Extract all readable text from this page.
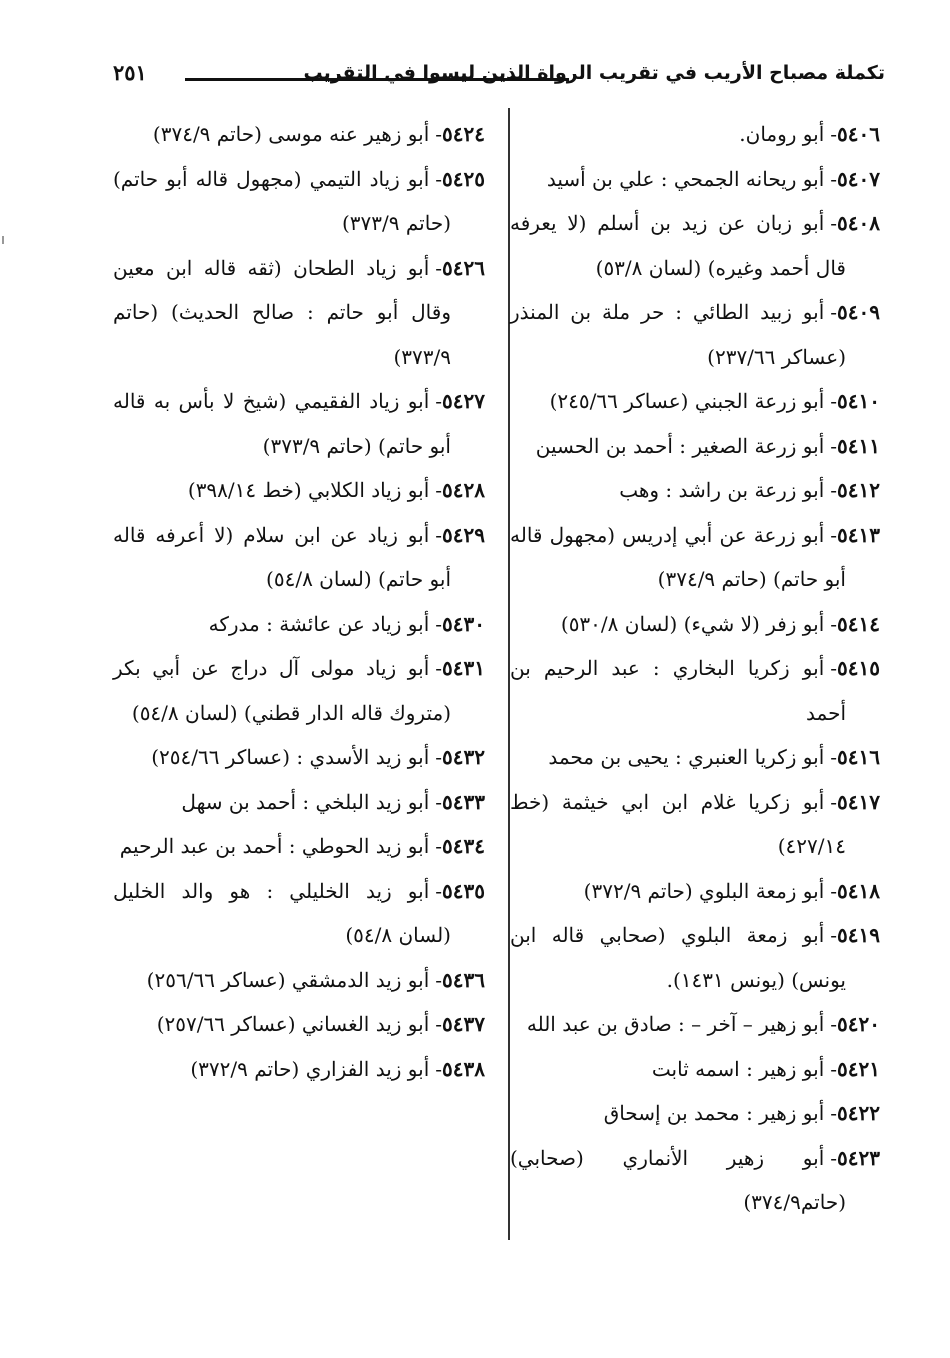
تكملة مصباح الأريب في تقريب الرواة الذين ليسوا في التقريب
٢٥١

٥٤٠٦-أبو رومان.

٥٤٠٧-أبو ريحانه الجمحي : علي بن أسيد

٥٤٠٨-أبو زبان عن زيد بن أسلم (لا يعرفه قال أحمد وغيره) (لسان ٥٣/٨)

٥٤٠٩-أبو زبيد الطائي : حر ملة بن المنذر (عساكر ٢٣٧/٦٦)

٥٤١٠-أبو زرعة الجبني (عساكر ٢٤٥/٦٦)

٥٤١١-أبو زرعة الصغير : أحمد بن الحسين

٥٤١٢-أبو زرعة بن راشد : وهب

٥٤١٣-أبو زرعة عن أبي إدريس (مجهول قاله أبو حاتم) (حاتم ٣٧٤/٩)

٥٤١٤-أبو زفر (لا شيء) (لسان ٥٣٠/٨)

٥٤١٥-أبو زكريا البخاري : عبد الرحيم بن أحمد

٥٤١٦-أبو زكريا العنبري : يحيى بن محمد

٥٤١٧-أبو زكريا غلام ابن ابي خيثمة (خط ٤٢٧/١٤)

٥٤١٨-أبو زمعة البلوي (حاتم ٣٧٢/٩)

٥٤١٩-أبو زمعة البلوي (صحابي قاله ابن يونس) (يونس ١٤٣١).

٥٤٢٠-أبو زهير – آخر – : صادق بن عبد الله

٥٤٢١-أبو زهير : اسمه ثابت

٥٤٢٢-أبو زهير : محمد بن إسحاق

٥٤٢٣-أبو زهير الأنماري (صحابي) (حاتم٣٧٤/٩)

٥٤٢٤-أبو زهير عنه موسى (حاتم ٣٧٤/٩)

٥٤٢٥-أبو زياد التيمي (مجهول قاله أبو حاتم) (حاتم ٣٧٣/٩)

٥٤٢٦-أبو زياد الطحان (ثقه قاله ابن معين وقال أبو حاتم : صالح الحديث) (حاتم ٣٧٣/٩)

٥٤٢٧-أبو زياد الفقيمي (شيخ لا بأس به قاله أبو حاتم) (حاتم ٣٧٣/٩)

٥٤٢٨-أبو زياد الكلابي (خط ٣٩٨/١٤)

٥٤٢٩-أبو زياد عن ابن سلام (لا أعرفه قاله أبو حاتم) (لسان ٥٤/٨)

٥٤٣٠-أبو زياد عن عائشة : مدركه

٥٤٣١-أبو زياد مولى آل دراج عن أبي بكر (متروك قاله الدار قطني) (لسان ٥٤/٨)

٥٤٣٢-أبو زيد الأسدي : (عساكر ٢٥٤/٦٦)

٥٤٣٣-أبو زيد البلخي : أحمد بن سهل

٥٤٣٤-أبو زيد الحوطي : أحمد بن عبد الرحيم

٥٤٣٥-أبو زيد الخليلي : هو والد الخليل (لسان ٥٤/٨)

٥٤٣٦-أبو زيد الدمشقي (عساكر ٢٥٦/٦٦)

٥٤٣٧-أبو زيد الغساني (عساكر ٢٥٧/٦٦)

٥٤٣٨-أبو زيد الفزاري (حاتم ٣٧٢/٩)
